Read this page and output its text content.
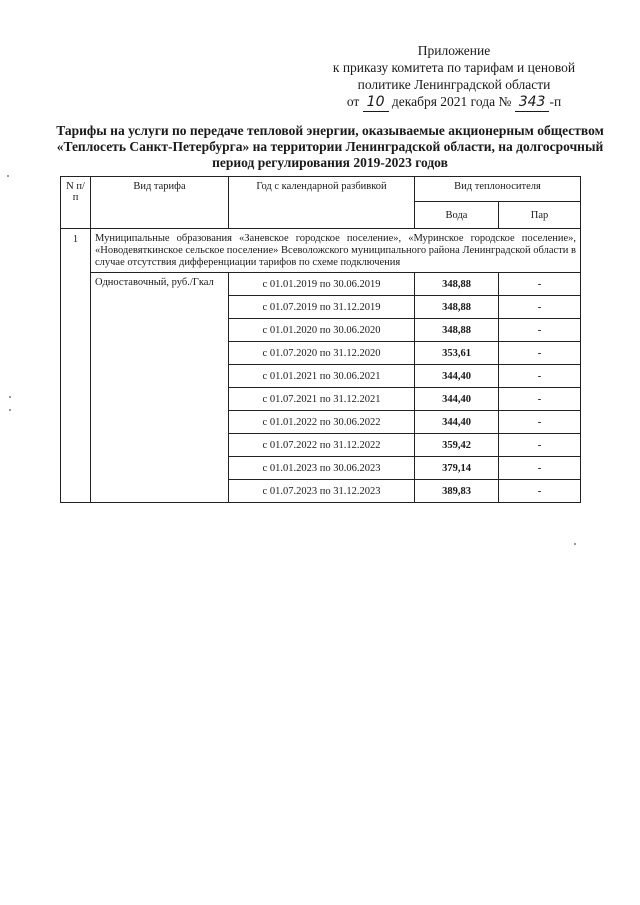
Приложение
к приказу комитета по тарифам и ценовой
политике Ленинградской области
от 10 декабря 2021 года № 343 -п
Тарифы на услуги по передаче тепловой энергии, оказываемые акционерным обществом
«Теплосеть Санкт-Петербурга» на территории Ленинградской области, на долгосрочный
период регулирования 2019-2023 годов
N п/п	Вид тарифа	Год с календарной разбивкой	Вид теплоносителя	
			Вода	Пар
1	Муниципальные образования «Заневское городское поселение», «Муринское городское поселение», «Новодевяткинское сельское поселение» Всеволожского муниципального района Ленинградской области в случае отсутствия дифференциации тарифов по схеме подключения			
	Одноставочный, руб./Гкал	с 01.01.2019 по 30.06.2019	348,88	-
		с 01.07.2019 по 31.12.2019	348,88	-
		с 01.01.2020 по 30.06.2020	348,88	-
		с 01.07.2020 по 31.12.2020	353,61	-
		с 01.01.2021 по 30.06.2021	344,40	-
		с 01.07.2021 по 31.12.2021	344,40	-
		с 01.01.2022 по 30.06.2022	344,40	-
		с 01.07.2022 по 31.12.2022	359,42	-
		с 01.01.2023 по 30.06.2023	379,14	-
		с 01.07.2023 по 31.12.2023	389,83	-
